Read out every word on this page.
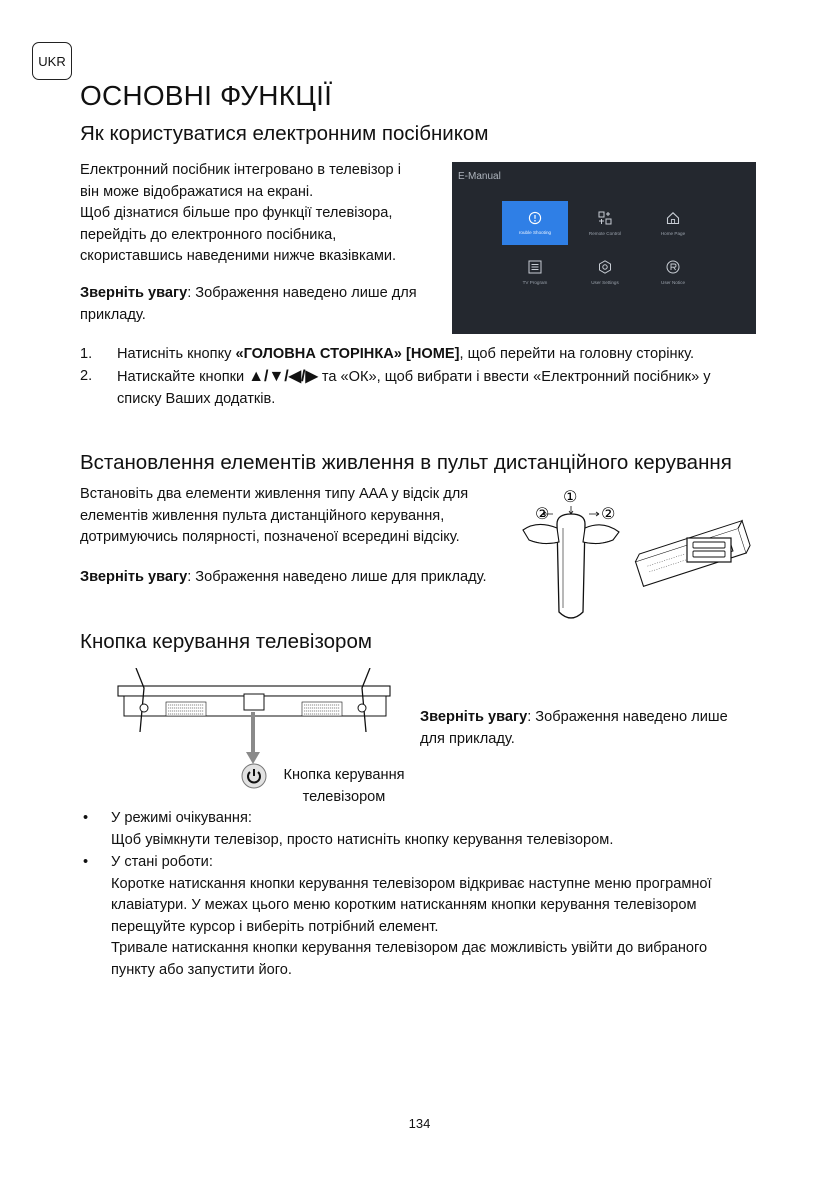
UKR
ОСНОВНІ ФУНКЦІЇ
Як користуватися електронним посібником
Електронний посібник інтегровано в телевізор і
він може відображатися на екрані.
Щоб дізнатися більше про функції телевізора,
перейдіть до електронного посібника,
скориставшись наведеними нижче вказівками.
Зверніть увагу: Зображення наведено лише для
прикладу.
E-Manual
rouble Shooting	Remote Control	Home Page
TV Program	User Settings	User Notice
1.	Натисніть кнопку «ГОЛОВНА СТОРІНКА» [HOME], щоб перейти на головну сторінку.
2.	Натискайте кнопки ▲/▼/◀/▶ та «ОК», щоб вибрати і ввести «Електронний посібник» у
списку Ваших додатків.
Встановлення елементів живлення в пульт дистанційного керування
Встановіть два елементи живлення типу AAA у відсік для
елементів живлення пульта дистанційного керування,
дотримуючись полярності, позначеної всередині відсіку.
Зверніть увагу: Зображення наведено лише для прикладу.
①
②	②
Кнопка керування телевізором
Кнопка керування
телевізором
Зверніть увагу: Зображення наведено лише
для прикладу.
• У режимі очікування:
Щоб увімкнути телевізор, просто натисніть кнопку керування телевізором.
• У стані роботи:
Коротке натискання кнопки керування телевізором відкриває наступне меню програмної
клавіатури. У межах цього меню коротким натисканням кнопки керування телевізором
перещуйте курсор і виберіть потрібний елемент.
Тривале натискання кнопки керування телевізором дає можливість увійти до вибраного
пункту або запустити його.
134
